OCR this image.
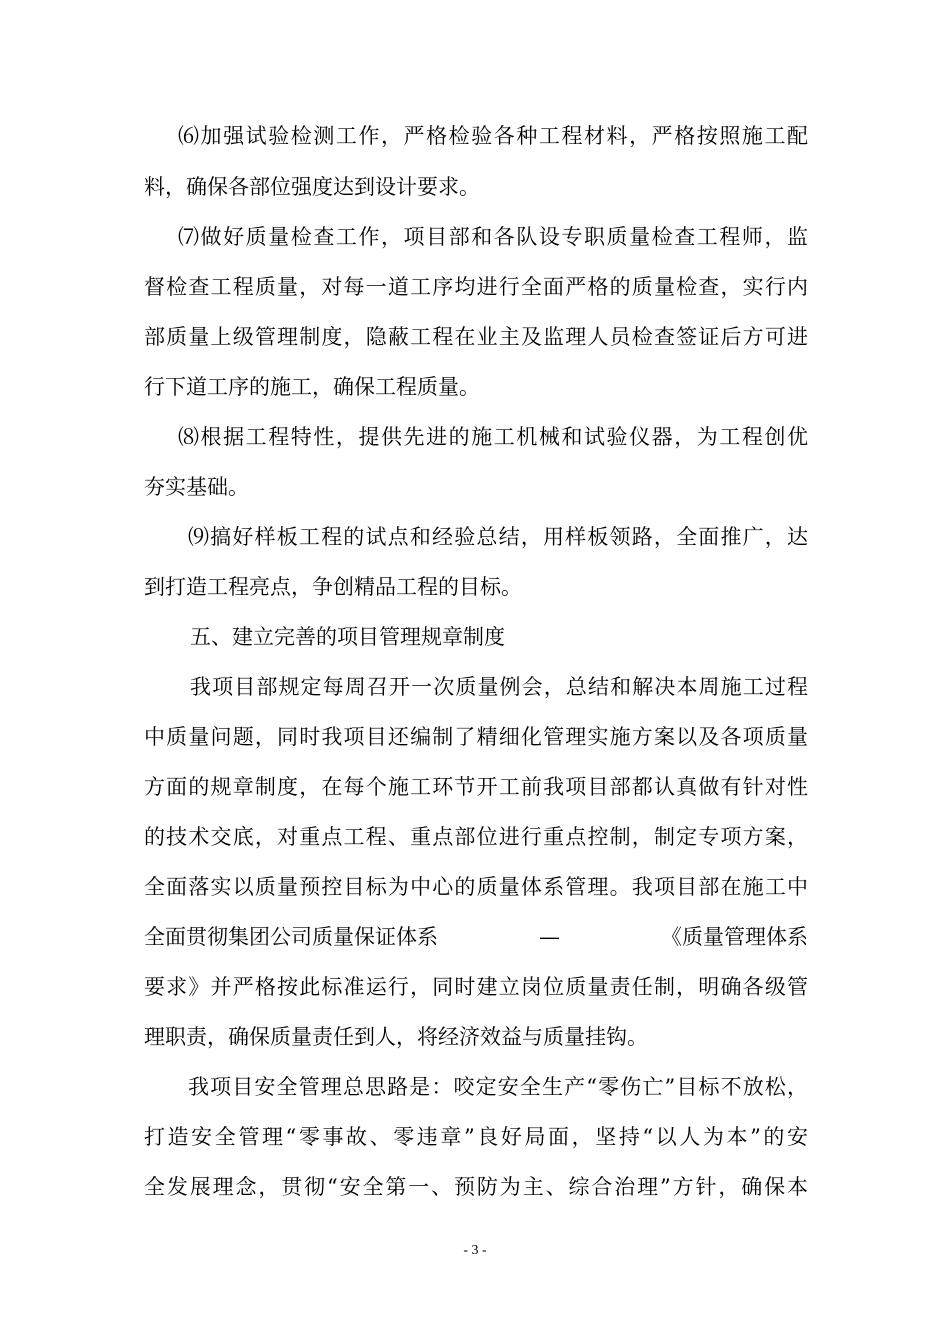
⑹加强试验检测工作，严格检验各种工程材料，严格按照施工配
料，确保各部位强度达到设计要求。
⑺做好质量检查工作，项目部和各队设专职质量检查工程师，监
督检查工程质量，对每一道工序均进行全面严格的质量检查，实行内
部质量上级管理制度，隐蔽工程在业主及监理人员检查签证后方可进
行下道工序的施工，确保工程质量。
⑻根据工程特性，提供先进的施工机械和试验仪器，为工程创优
夯实基础。
⑼搞好样板工程的试点和经验总结，用样板领路，全面推广，达
到打造工程亮点，争创精品工程的目标。
五、建立完善的项目管理规章制度
我项目部规定每周召开一次质量例会，总结和解决本周施工过程
中质量问题，同时我项目还编制了精细化管理实施方案以及各项质量
方面的规章制度，在每个施工环节开工前我项目部都认真做有针对性
的技术交底，对重点工程、重点部位进行重点控制，制定专项方案，
全面落实以质量预控目标为中心的质量体系管理。我项目部在施工中
全面贯彻集团公司质量保证体系	—	《质量管理体系
要求》并严格按此标准运行，同时建立岗位质量责任制，明确各级管
理职责，确保质量责任到人，将经济效益与质量挂钩。
我项目安全管理总思路是：咬定安全生产“零伤亡”目标不放松，
打造安全管理“零事故、零违章”良好局面，坚持“以人为本”的安
全发展理念，贯彻“安全第一、预防为主、综合治理”方针，确保本
- 3 -
